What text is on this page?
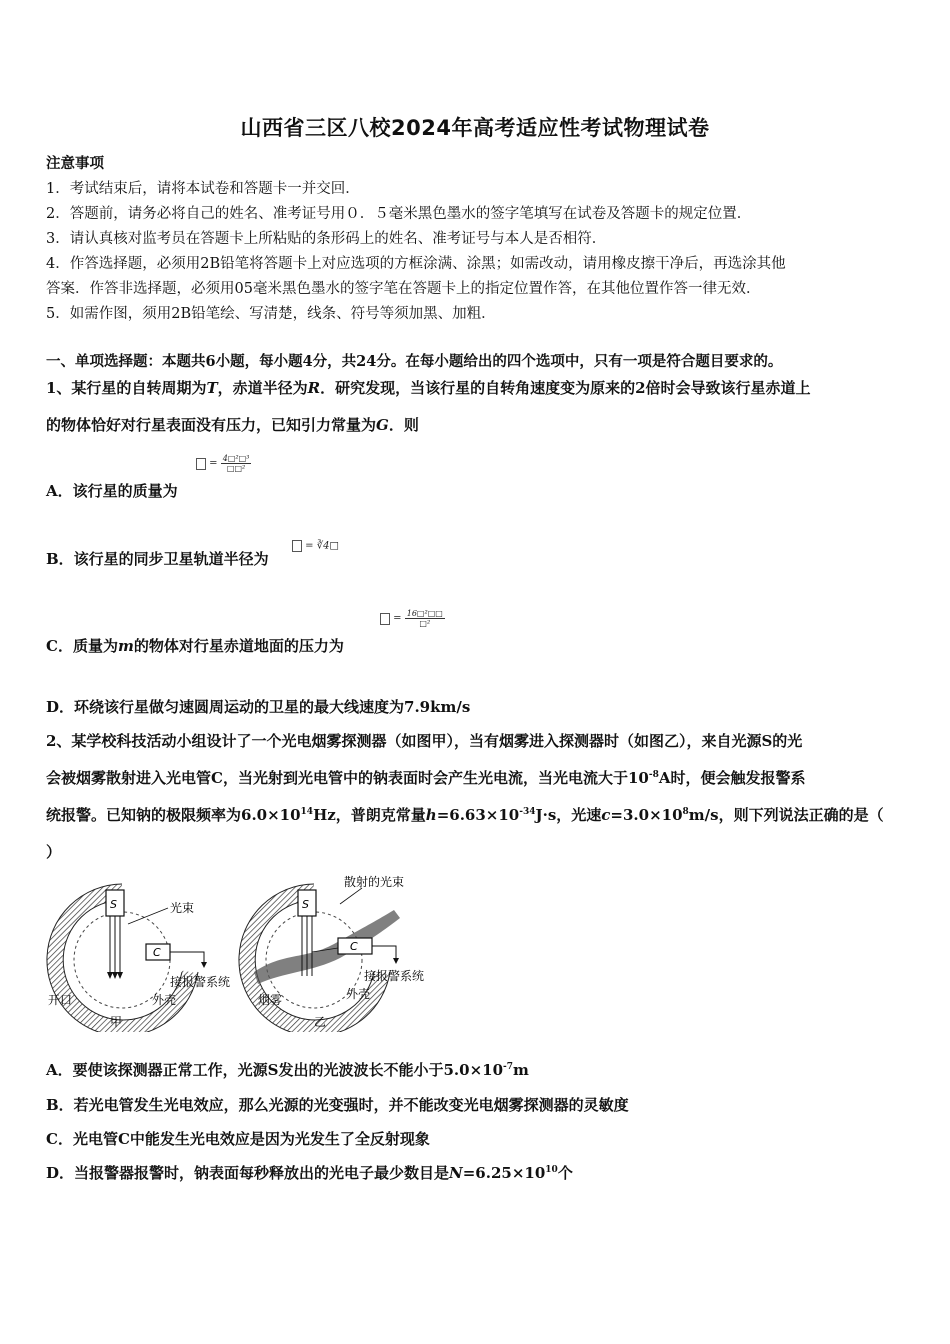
山西省三区八校2024年高考适应性考试物理试卷
注意事项
1．考试结束后，请将本试卷和答题卡一并交回．
2．答题前，请务必将自己的姓名、准考证号用０．５毫米黑色墨水的签字笔填写在试卷及答题卡的规定位置．
3．请认真核对监考员在答题卡上所粘贴的条形码上的姓名、准考证号与本人是否相符．
4．作答选择题，必须用2B铅笔将答题卡上对应选项的方框涂满、涂黑；如需改动，请用橡皮擦干净后，再选涂其他
答案．作答非选择题，必须用05毫米黑色墨水的签字笔在答题卡上的指定位置作答，在其他位置作答一律无效．
5．如需作图，须用2B铅笔绘、写清楚，线条、符号等须加黑、加粗．
一、单项选择题：本题共6小题，每小题4分，共24分。在每小题给出的四个选项中，只有一项是符合题目要求的。
1、某行星的自转周期为T，赤道半径为R．研究发现，当该行星的自转角速度变为原来的2倍时会导致该行星赤道上
的物体恰好对行星表面没有压力，已知引力常量为G．则
A．该行星的质量为
= $\frac{\text{4□²□³}}{\text{□□²}}$
B．该行星的同步卫星轨道半径为
= ∛4□
C．质量为m的物体对行星赤道地面的压力为
= $\frac{\text{16□²□□}}{\text{□²}}$
D．环绕该行星做匀速圆周运动的卫星的最大线速度为7.9km/s
2、某学校科技活动小组设计了一个光电烟雾探测器（如图甲），当有烟雾进入探测器时（如图乙），来自光源S的光
会被烟雾散射进入光电管C，当光射到光电管中的钠表面时会产生光电流，当光电流大于$10^{-8}A$时，便会触发报警系
统报警。已知钠的极限频率为$6.0\times 10^{14}Hz$，普朗克常量$h=6.63\times 10^{-34}J\cdot s$，光速$c=3.0\times 10^8m/s$，则下列说法正确的是（
）
S	光束
C
接报警系统
外壳
开口
甲
S
散射的光束
C
接报警系统
烟雾	外壳
乙
A．要使该探测器正常工作，光源S发出的光波波长不能小于$5.0\times 10^{-7}m$
B．若光电管发生光电效应，那么光源的光变强时，并不能改变光电烟雾探测器的灵敏度
C．光电管C中能发生光电效应是因为光发生了全反射现象
D．当报警器报警时，钠表面每秒释放出的光电子最少数目是$N=6.25\times 10^{10}$个
